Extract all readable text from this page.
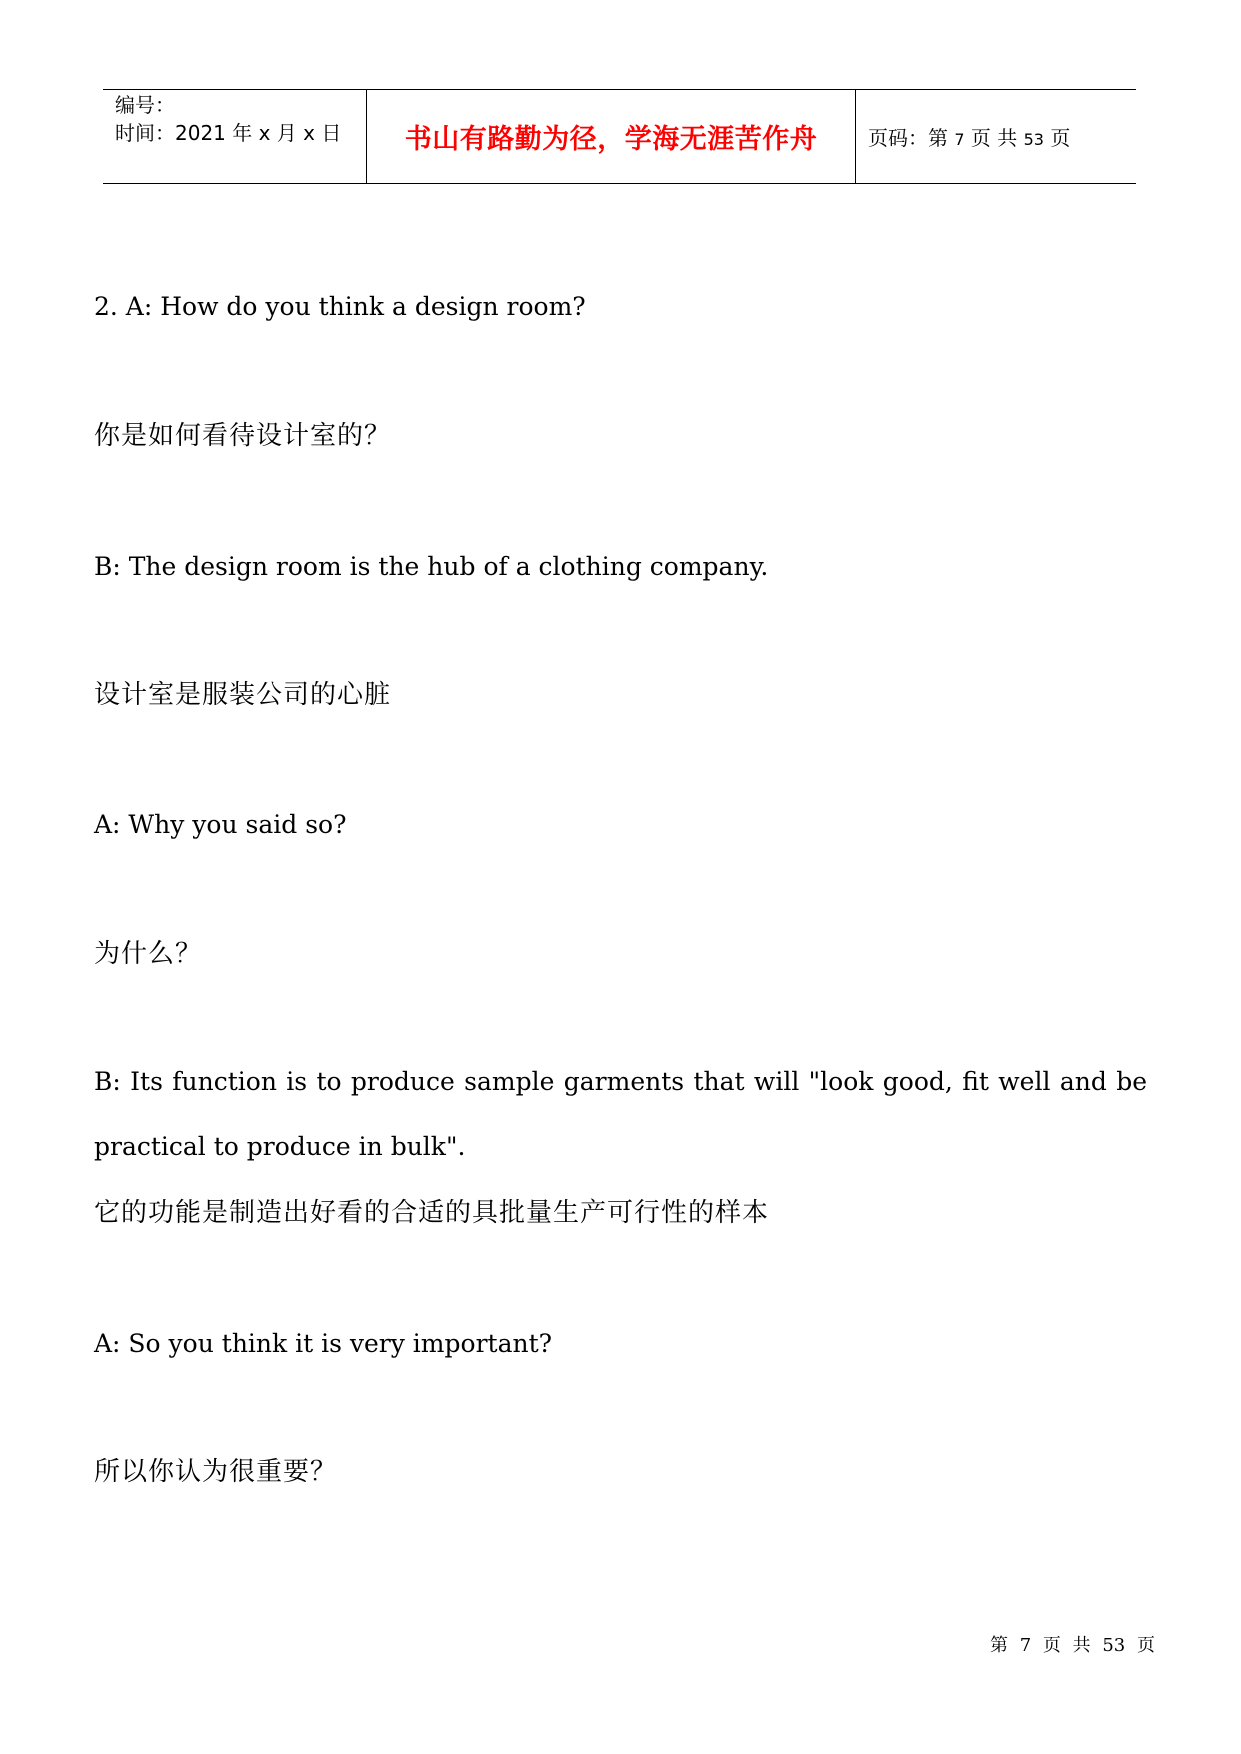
编号：
时间：2021 年 x 月 x 日 书山有路勤为径，学海无涯苦作舟	页码：第 7 页 共 53 页
2. A: How do you think a design room?
你是如何看待设计室的？
B: The design room is the hub of a clothing company.
设计室是服装公司的心脏
A: Why you said so?
为什么？
B: Its function is to produce sample garments that will "look good, fit well and be practical to produce in bulk".
它的功能是制造出好看的合适的具批量生产可行性的样本
A: So you think it is very important?
所以你认为很重要？
第 7 页 共 53 页
